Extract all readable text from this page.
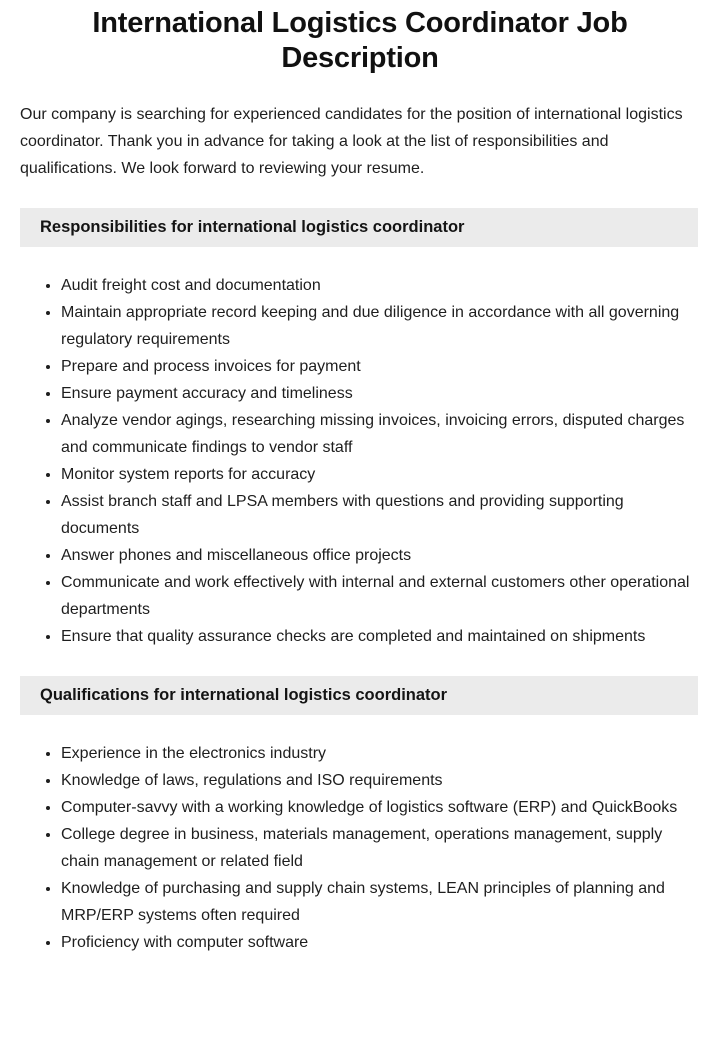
International Logistics Coordinator Job Description

Our company is searching for experienced candidates for the position of international logistics coordinator. Thank you in advance for taking a look at the list of responsibilities and qualifications. We look forward to reviewing your resume.

Responsibilities for international logistics coordinator
• Audit freight cost and documentation
• Maintain appropriate record keeping and due diligence in accordance with all governing regulatory requirements
• Prepare and process invoices for payment
• Ensure payment accuracy and timeliness
• Analyze vendor agings, researching missing invoices, invoicing errors, disputed charges and communicate findings to vendor staff
• Monitor system reports for accuracy
• Assist branch staff and LPSA members with questions and providing supporting documents
• Answer phones and miscellaneous office projects
• Communicate and work effectively with internal and external customers other operational departments
• Ensure that quality assurance checks are completed and maintained on shipments
Qualifications for international logistics coordinator
• Experience in the electronics industry
• Knowledge of laws, regulations and ISO requirements
• Computer-savvy with a working knowledge of logistics software (ERP) and QuickBooks
• College degree in business, materials management, operations management, supply chain management or related field
• Knowledge of purchasing and supply chain systems, LEAN principles of planning and MRP/ERP systems often required
• Proficiency with computer software
